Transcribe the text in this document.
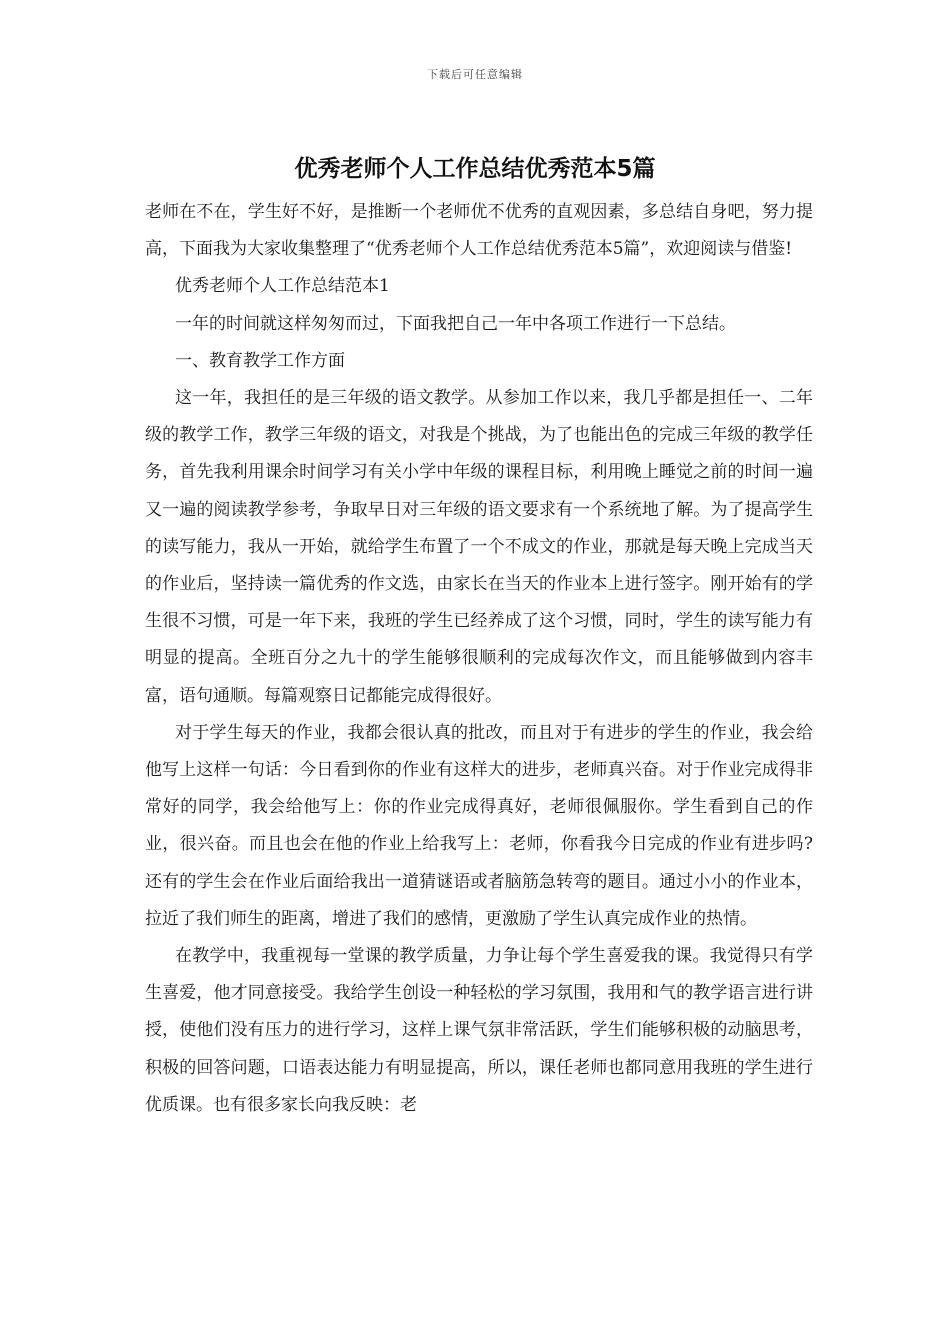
下载后可任意编辑
优秀老师个人工作总结优秀范本5篇

老师在不在，学生好不好，是推断一个老师优不优秀的直观因素，多总结自身吧，努力提高，下面我为大家收集整理了“优秀老师个人工作总结优秀范本5篇”，欢迎阅读与借鉴!

优秀老师个人工作总结范本1

一年的时间就这样匆匆而过，下面我把自己一年中各项工作进行一下总结。

一、教育教学工作方面

这一年，我担任的是三年级的语文教学。从参加工作以来，我几乎都是担任一、二年级的教学工作，教学三年级的语文，对我是个挑战，为了也能出色的完成三年级的教学任务，首先我利用课余时间学习有关小学中年级的课程目标，利用晚上睡觉之前的时间一遍又一遍的阅读教学参考，争取早日对三年级的语文要求有一个系统地了解。为了提高学生的读写能力，我从一开始，就给学生布置了一个不成文的作业，那就是每天晚上完成当天的作业后，坚持读一篇优秀的作文选，由家长在当天的作业本上进行签字。刚开始有的学生很不习惯，可是一年下来，我班的学生已经养成了这个习惯，同时，学生的读写能力有明显的提高。全班百分之九十的学生能够很顺利的完成每次作文，而且能够做到内容丰富，语句通顺。每篇观察日记都能完成得很好。

对于学生每天的作业，我都会很认真的批改，而且对于有进步的学生的作业，我会给他写上这样一句话：今日看到你的作业有这样大的进步，老师真兴奋。对于作业完成得非常好的同学，我会给他写上：你的作业完成得真好，老师很佩服你。学生看到自己的作业，很兴奋。而且也会在他的作业上给我写上：老师，你看我今日完成的作业有进步吗?还有的学生会在作业后面给我出一道猜谜语或者脑筋急转弯的题目。通过小小的作业本，拉近了我们师生的距离，增进了我们的感情，更激励了学生认真完成作业的热情。

在教学中，我重视每一堂课的教学质量，力争让每个学生喜爱我的课。我觉得只有学生喜爱，他才同意接受。我给学生创设一种轻松的学习氛围，我用和气的教学语言进行讲授，使他们没有压力的进行学习，这样上课气氛非常活跃，学生们能够积极的动脑思考，积极的回答问题，口语表达能力有明显提高，所以，课任老师也都同意用我班的学生进行优质课。也有很多家长向我反映：老
